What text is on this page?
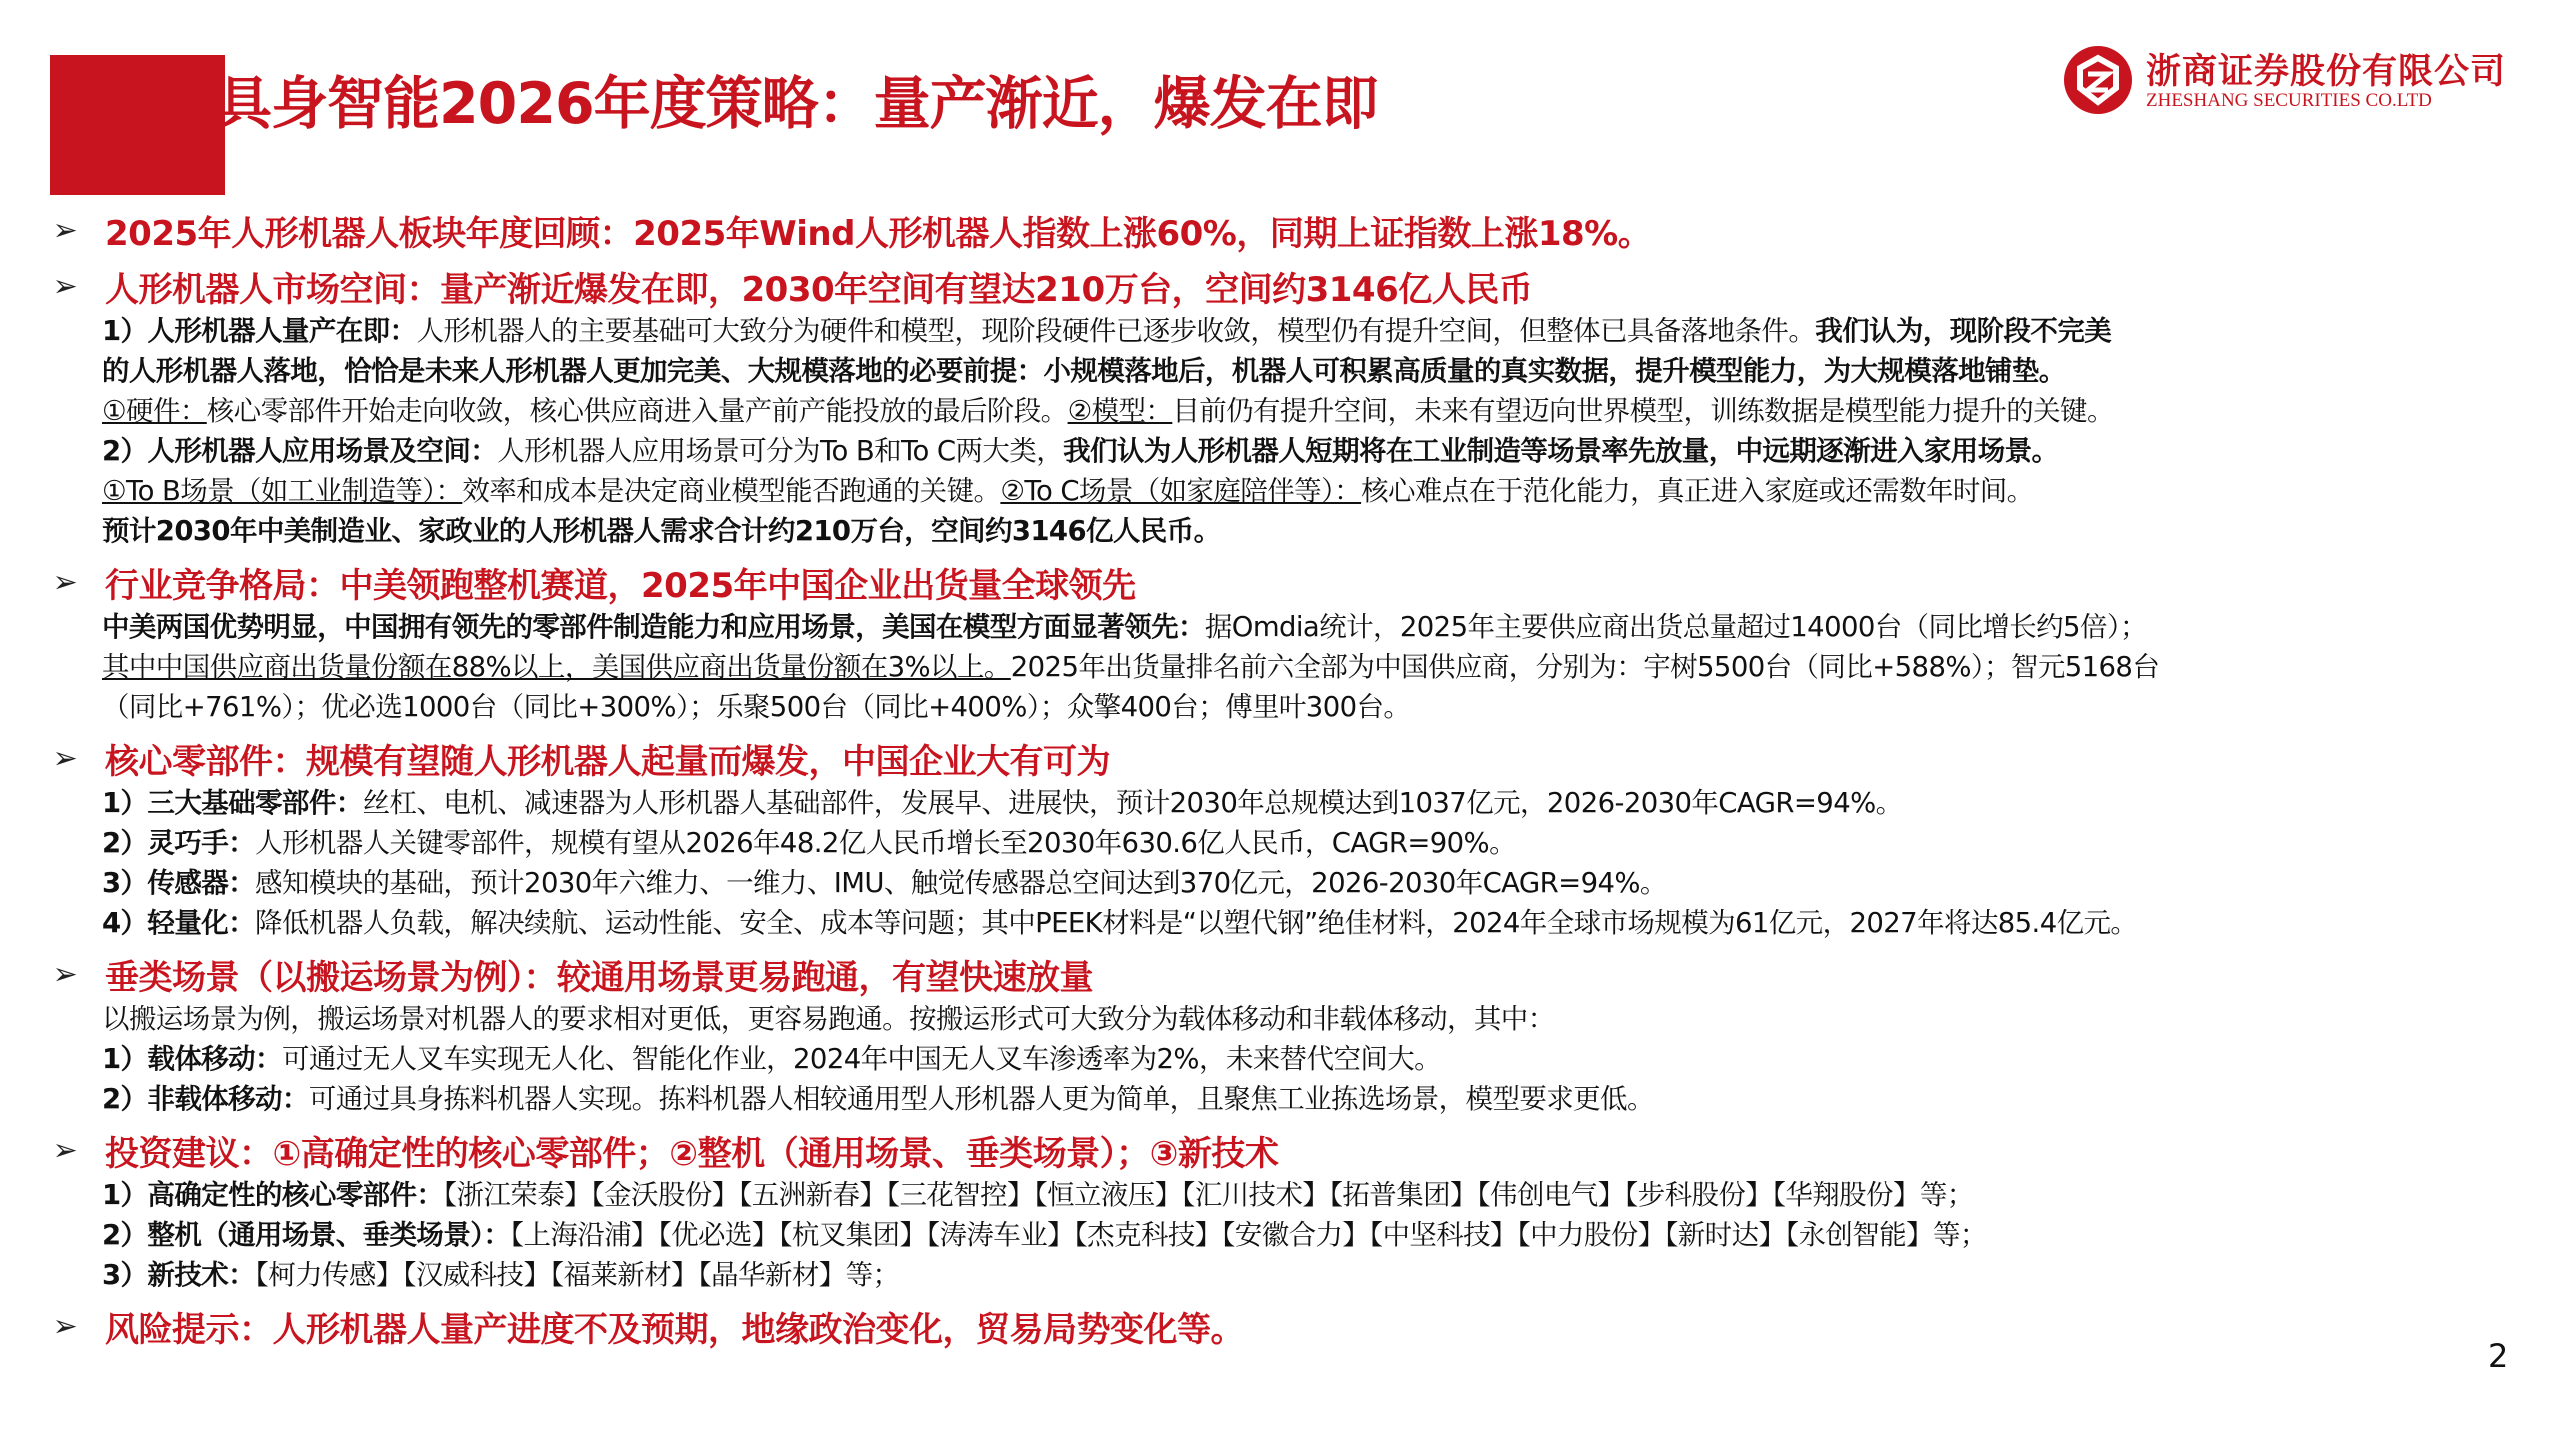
具身智能2026年度策略：量产渐近，爆发在即	浙商证券股份有限公司
ZHESHANG SECURITIES CO.LTD
➢ 2025年人形机器人板块年度回顾：2025年Wind人形机器人指数上涨60%，同期上证指数上涨18%。
➢ 人形机器人市场空间：量产渐近爆发在即，2030年空间有望达210万台，空间约3146亿人民币
1）人形机器人量产在即：人形机器人的主要基础可大致分为硬件和模型，现阶段硬件已逐步收敛，模型仍有提升空间，但整体已具备落地条件。我们认为，现阶段不完美
的人形机器人落地，恰恰是未来人形机器人更加完美、大规模落地的必要前提：小规模落地后，机器人可积累高质量的真实数据，提升模型能力，为大规模落地铺垫。
①硬件：核心零部件开始走向收敛，核心供应商进入量产前产能投放的最后阶段。②模型：目前仍有提升空间，未来有望迈向世界模型，训练数据是模型能力提升的关键。
2）人形机器人应用场景及空间：人形机器人应用场景可分为To B和To C两大类，我们认为人形机器人短期将在工业制造等场景率先放量，中远期逐渐进入家用场景。
①To B场景（如工业制造等）：效率和成本是决定商业模型能否跑通的关键。②To C场景（如家庭陪伴等）：核心难点在于范化能力，真正进入家庭或还需数年时间。
预计2030年中美制造业、家政业的人形机器人需求合计约210万台，空间约3146亿人民币。
➢ 行业竞争格局：中美领跑整机赛道，2025年中国企业出货量全球领先
中美两国优势明显，中国拥有领先的零部件制造能力和应用场景，美国在模型方面显著领先：据Omdia统计，2025年主要供应商出货总量超过14000台（同比增长约5倍）；
其中中国供应商出货量份额在88%以上，美国供应商出货量份额在3%以上。2025年出货量排名前六全部为中国供应商，分别为：宇树5500台（同比+588%）；智元5168台
（同比+761%）；优必选1000台（同比+300%）；乐聚500台（同比+400%）；众擎400台；傅里叶300台。
➢ 核心零部件：规模有望随人形机器人起量而爆发，中国企业大有可为
1）三大基础零部件：丝杠、电机、减速器为人形机器人基础部件，发展早、进展快，预计2030年总规模达到1037亿元，2026-2030年CAGR=94%。
2）灵巧手：人形机器人关键零部件，规模有望从2026年48.2亿人民币增长至2030年630.6亿人民币，CAGR=90%。
3）传感器：感知模块的基础，预计2030年六维力、一维力、IMU、触觉传感器总空间达到370亿元，2026-2030年CAGR=94%。
4）轻量化：降低机器人负载，解决续航、运动性能、安全、成本等问题；其中PEEK材料是“以塑代钢”绝佳材料，2024年全球市场规模为61亿元，2027年将达85.4亿元。
➢ 垂类场景（以搬运场景为例）：较通用场景更易跑通，有望快速放量
以搬运场景为例，搬运场景对机器人的要求相对更低，更容易跑通。按搬运形式可大致分为载体移动和非载体移动，其中：
1）载体移动：可通过无人叉车实现无人化、智能化作业，2024年中国无人叉车渗透率为2%，未来替代空间大。
2）非载体移动：可通过具身拣料机器人实现。拣料机器人相较通用型人形机器人更为简单，且聚焦工业拣选场景，模型要求更低。
➢ 投资建议：①高确定性的核心零部件；②整机（通用场景、垂类场景）；③新技术
1）高确定性的核心零部件：【浙江荣泰】【金沃股份】【五洲新春】【三花智控】【恒立液压】【汇川技术】【拓普集团】【伟创电气】【步科股份】【华翔股份】等；
2）整机（通用场景、垂类场景）：【上海沿浦】【优必选】【杭叉集团】【涛涛车业】【杰克科技】【安徽合力】【中坚科技】【中力股份】【新时达】【永创智能】等；
3）新技术：【柯力传感】【汉威科技】【福莱新材】【晶华新材】等；
➢ 风险提示：人形机器人量产进度不及预期，地缘政治变化，贸易局势变化等。
2
